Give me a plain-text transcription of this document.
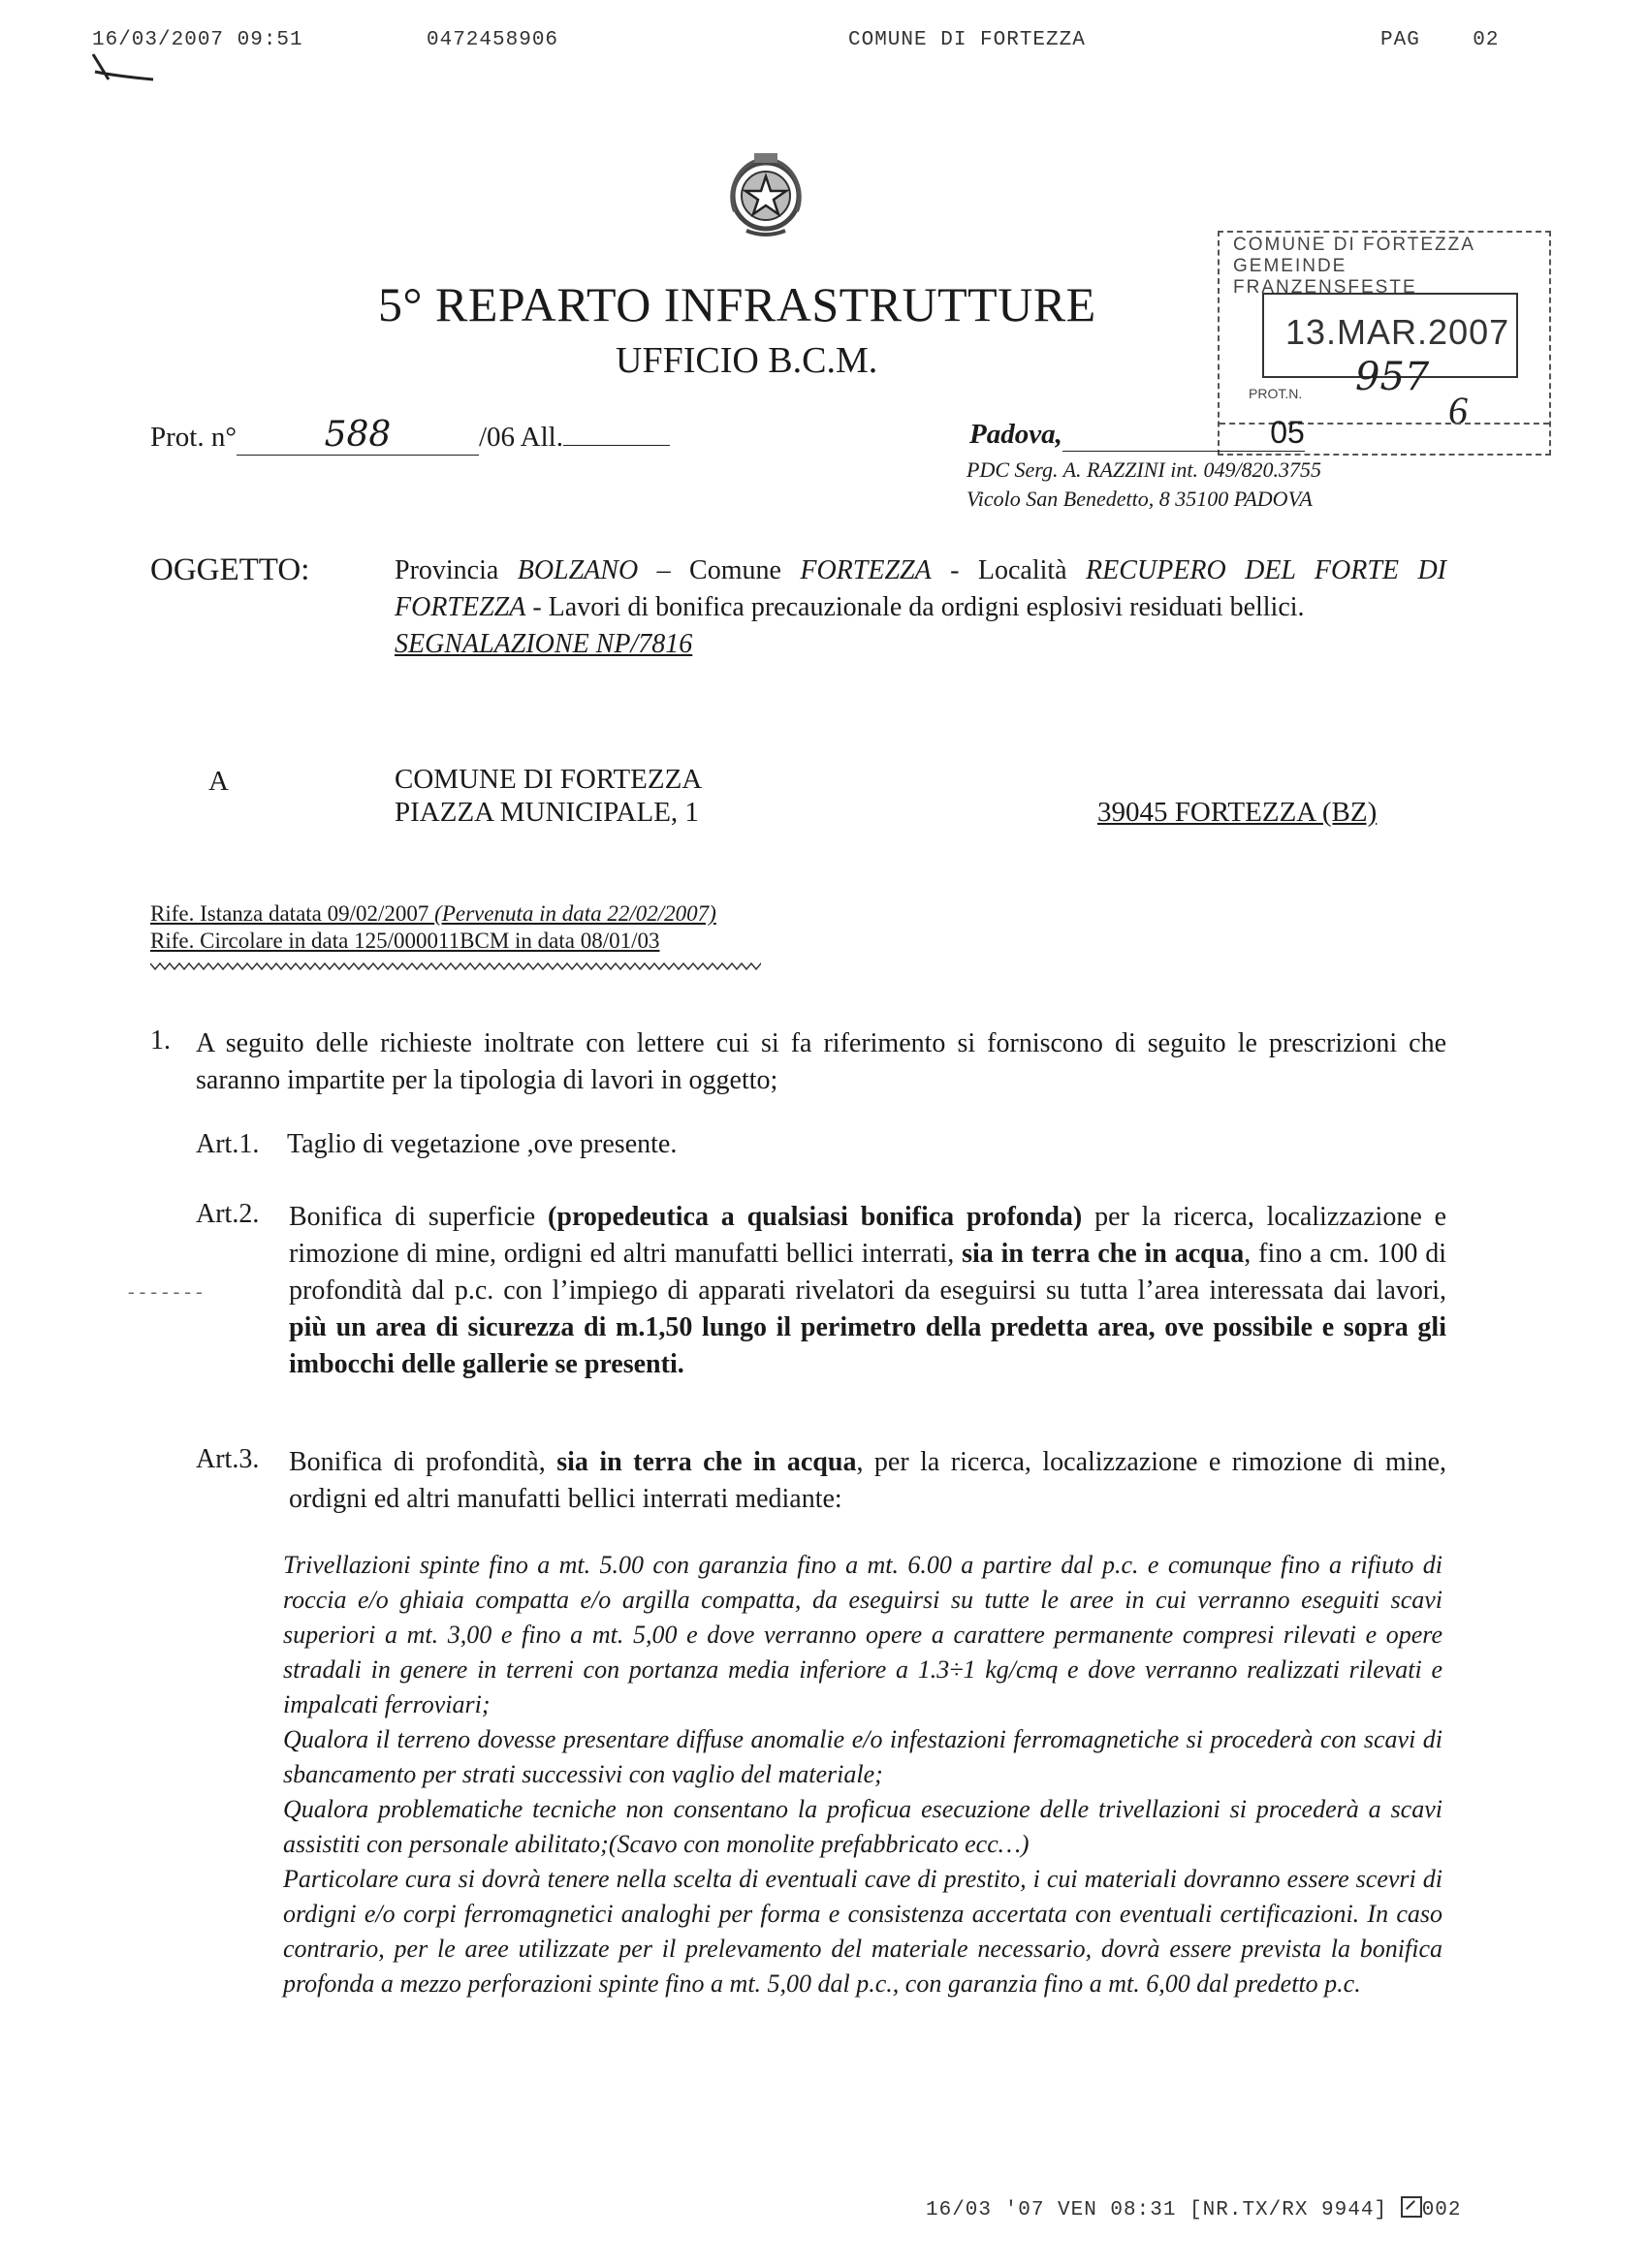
16/03/2007 09:51	0472458906	COMUNE DI FORTEZZA	PAG	02
5° REPARTO INFRASTRUTTURE
UFFICIO B.C.M.
COMUNE DI FORTEZZA GEMEINDE FRANZENSFESTE
13.MAR.2007
957
PROT.N.	6
Prot. n°	588	/06 All.	Padova,	05
PDC Serg. A. RAZZINI int. 049/820.3755
Vicolo San Benedetto, 8 35100 PADOVA
OGGETTO:	Provincia BOLZANO – Comune FORTEZZA - Località RECUPERO DEL FORTE DI FORTEZZA - Lavori di bonifica precauzionale da ordigni esplosivi residuati bellici.
SEGNALAZIONE NP/7816
A	COMUNE DI FORTEZZA
PIAZZA MUNICIPALE, 1	39045 FORTEZZA (BZ)
Rife. Istanza datata 09/02/2007 (Pervenuta in data 22/02/2007)
Rife. Circolare in data 125/000011BCM in data 08/01/03
1. A seguito delle richieste inoltrate con lettere cui si fa riferimento si forniscono di seguito le prescrizioni che saranno impartite per la tipologia di lavori in oggetto;
Art.1. Taglio di vegetazione ,ove presente.
Art.2.
- - - - - - -
Bonifica di superficie (propedeutica a qualsiasi bonifica profonda) per la ricerca, localizzazione e rimozione di mine, ordigni ed altri manufatti bellici interrati, sia in terra che in acqua, fino a cm. 100 di profondità dal p.c. con l’impiego di apparati rivelatori da eseguirsi su tutta l’area interessata dai lavori, più un area di sicurezza di m.1,50 lungo il perimetro della predetta area, ove possibile e sopra gli imbocchi delle gallerie se presenti.
Art.3. Bonifica di profondità, sia in terra che in acqua, per la ricerca, localizzazione e rimozione di mine, ordigni ed altri manufatti bellici interrati mediante:

Trivellazioni spinte fino a mt. 5.00 con garanzia fino a mt. 6.00 a partire dal p.c. e comunque fino a rifiuto di roccia e/o ghiaia compatta e/o argilla compatta, da eseguirsi su tutte le aree in cui verranno eseguiti scavi superiori a mt. 3,00 e fino a mt. 5,00 e dove verranno opere a carattere permanente compresi rilevati e opere stradali in genere in terreni con portanza media inferiore a 1.3÷1 kg/cmq e dove verranno realizzati rilevati e impalcati ferroviari;

Qualora il terreno dovesse presentare diffuse anomalie e/o infestazioni ferromagnetiche si procederà con scavi di sbancamento per strati successivi con vaglio del materiale;

Qualora problematiche tecniche non consentano la proficua esecuzione delle trivellazioni si procederà a scavi assistiti con personale abilitato;(Scavo con monolite prefabbricato ecc…)

Particolare cura si dovrà tenere nella scelta di eventuali cave di prestito, i cui materiali dovranno essere scevri di ordigni e/o corpi ferromagnetici analoghi per forma e consistenza accertata con eventuali certificazioni. In caso contrario, per le aree utilizzate per il prelevamento del materiale necessario, dovrà essere prevista la bonifica profonda a mezzo perforazioni spinte fino a mt. 5,00 dal p.c., con garanzia fino a mt. 6,00 dal predetto p.c.

16/03 '07 VEN 08:31 [NR.TX/RX 9944] 002
